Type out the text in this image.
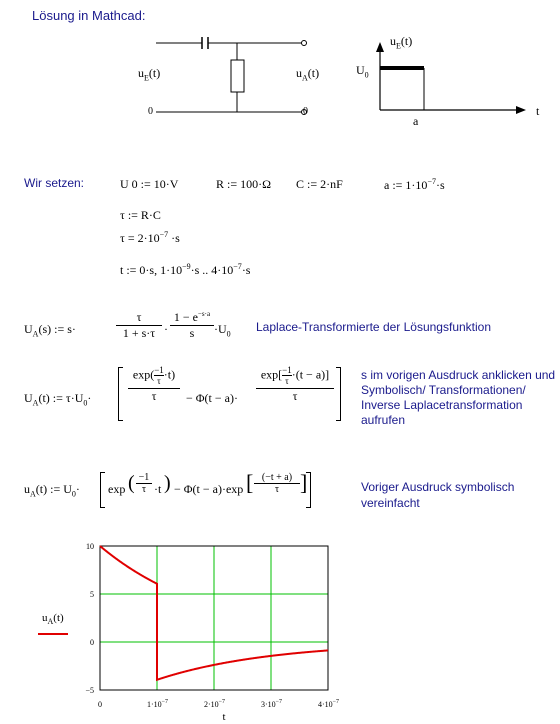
Lösung in Mathcad:
$u_E(t)$	$u_A(t)$
0	0
$u_E(t)$
$U_0$
a
t
Wir setzen:	U 0 := 10·V	R := 100·Ω C := 2·nF	a := $1\cdot 10^{-7}\cdot s$
τ := R·C
$\tau = 2\cdot 10^{-7} \cdot s$
t := 0·s, $1\cdot 10^{-9}\cdot s$ .. $4\cdot 10^{-7}\cdot s$
$U_A(s)$ := s·
τ
1 + s·τ ·
$1 - e^{-s\cdot a}$
s	$\cdot U_0$ Laplace-Transformierte der Lösungsfunktion
$U_A(t)$ := $\tau\cdot U_0\cdot$
$\exp( \frac{-1}{\tau} \cdot t)$
τ	− Φ(t − a)·
$\exp[ \frac{-1}{\tau} \cdot(t - a)]$
τ
s im vorigen Ausdruck anklicken und
Symbolisch/ Transformationen/
Inverse Laplacetransformation
aufrufen
$u_A(t)$ := $U_0\cdot \exp$ ( −1
τ ·t ) − Φ(t − a)·exp [ (−t + a)
τ ]	Voriger Ausdruck symbolisch
vereinfacht
$u_A(t)$
10
5
0
−5
0	$1\cdot 10^{-7}$	$2\cdot 10^{-7}$	$3\cdot 10^{-7}$	$4\cdot 10^{-7}$
t
